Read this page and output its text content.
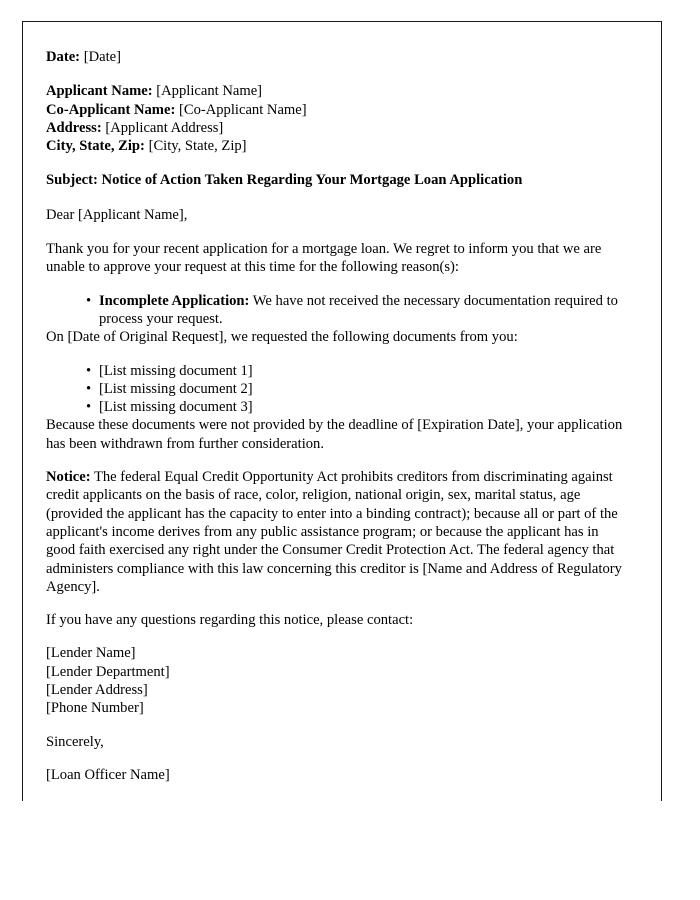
Date: [Date]
Applicant Name: [Applicant Name]
Co-Applicant Name: [Co-Applicant Name]
Address: [Applicant Address]
City, State, Zip: [City, State, Zip]
Subject: Notice of Action Taken Regarding Your Mortgage Loan Application
Dear [Applicant Name],
Thank you for your recent application for a mortgage loan. We regret to inform you that we are unable to approve your request at this time for the following reason(s):
• Incomplete Application: We have not received the necessary documentation required to process your request.
On [Date of Original Request], we requested the following documents from you:
• [List missing document 1]
• [List missing document 2]
• [List missing document 3]
Because these documents were not provided by the deadline of [Expiration Date], your application has been withdrawn from further consideration.
Notice: The federal Equal Credit Opportunity Act prohibits creditors from discriminating against credit applicants on the basis of race, color, religion, national origin, sex, marital status, age (provided the applicant has the capacity to enter into a binding contract); because all or part of the applicant's income derives from any public assistance program; or because the applicant has in good faith exercised any right under the Consumer Credit Protection Act. The federal agency that administers compliance with this law concerning this creditor is [Name and Address of Regulatory Agency].
If you have any questions regarding this notice, please contact:
[Lender Name]
[Lender Department]
[Lender Address]
[Phone Number]
Sincerely,
[Loan Officer Name]
